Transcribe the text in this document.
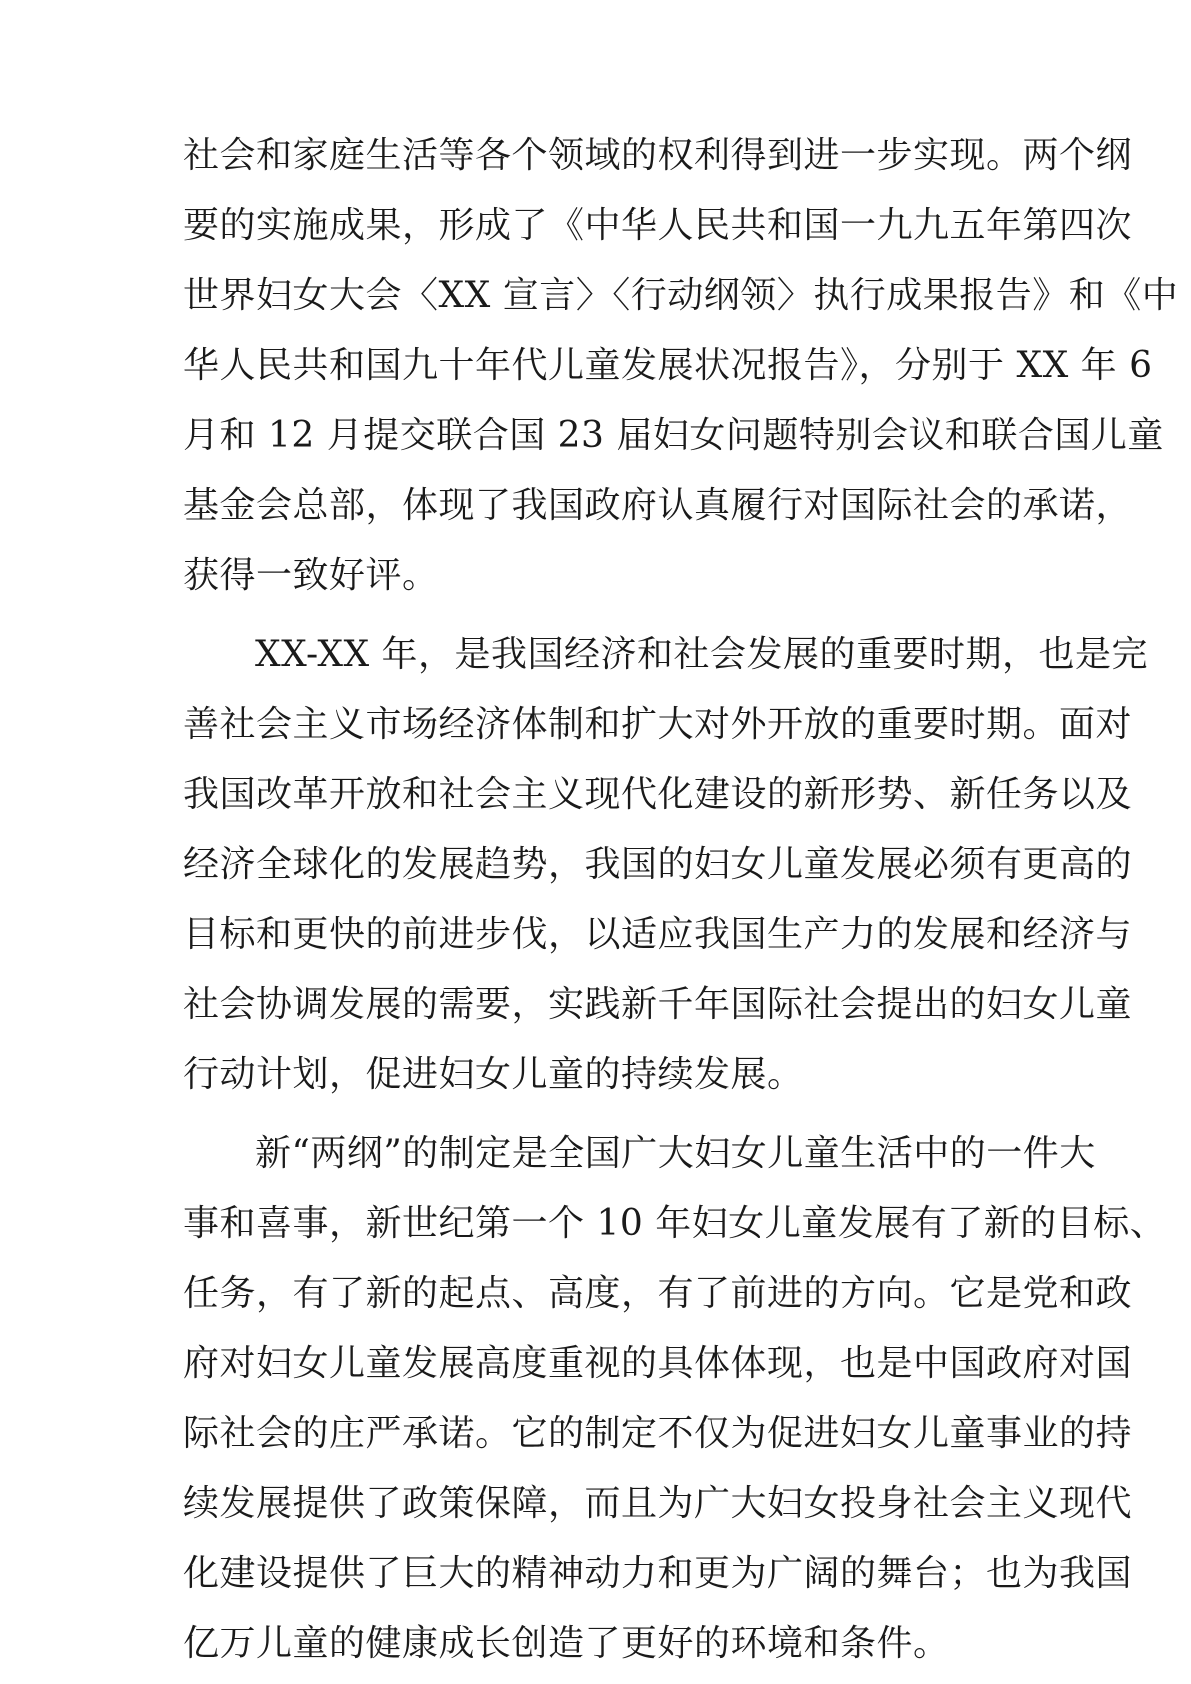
社会和家庭生活等各个领域的权利得到进一步实现。两个纲
要的实施成果，形成了《中华人民共和国一九九五年第四次
世界妇女大会〈XX 宣言〉〈行动纲领〉执行成果报告》和《中
华人民共和国九十年代儿童发展状况报告》，分别于 XX 年 6
月和 12 月提交联合国 23 届妇女问题特别会议和联合国儿童
基金会总部，体现了我国政府认真履行对国际社会的承诺，
获得一致好评。
XX-XX 年，是我国经济和社会发展的重要时期，也是完
善社会主义市场经济体制和扩大对外开放的重要时期。面对
我国改革开放和社会主义现代化建设的新形势、新任务以及
经济全球化的发展趋势，我国的妇女儿童发展必须有更高的
目标和更快的前进步伐，以适应我国生产力的发展和经济与
社会协调发展的需要，实践新千年国际社会提出的妇女儿童
行动计划，促进妇女儿童的持续发展。
新“两纲”的制定是全国广大妇女儿童生活中的一件大
事和喜事，新世纪第一个 10 年妇女儿童发展有了新的目标、
任务，有了新的起点、高度，有了前进的方向。它是党和政
府对妇女儿童发展高度重视的具体体现，也是中国政府对国
际社会的庄严承诺。它的制定不仅为促进妇女儿童事业的持
续发展提供了政策保障，而且为广大妇女投身社会主义现代
化建设提供了巨大的精神动力和更为广阔的舞台；也为我国
亿万儿童的健康成长创造了更好的环境和条件。
